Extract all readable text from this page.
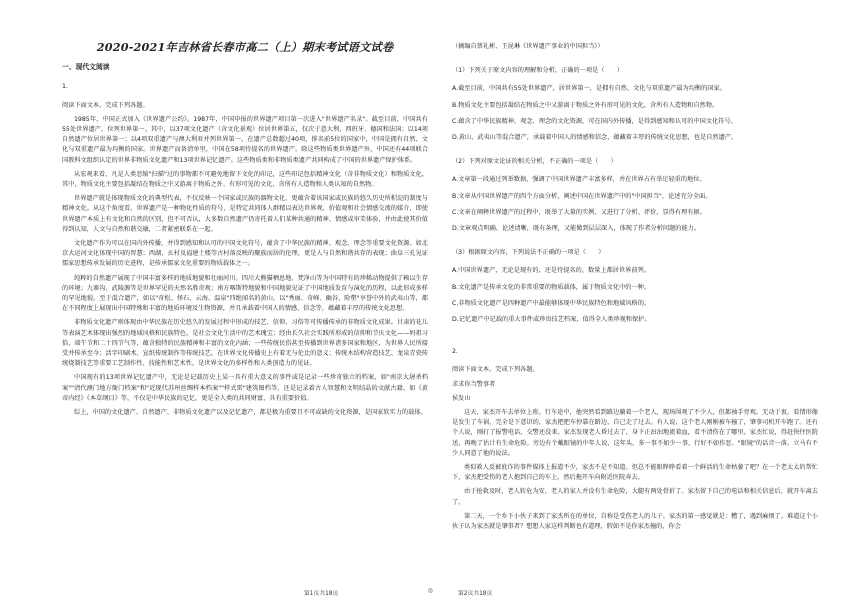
2020-2021年吉林省长春市高二（上）期末考试语文试卷
一、现代文阅读
1.
阅读下面文本，完成下列各题。
1985年，中国正式加入《世界遗产公约》。1987年，中国申报的世界遗产项目第一次进入"世界遗产名录"。截至目前，中国共有55处世界遗产，位列世界第一。其中，以37项文化遗产（含文化景观）位居世界第五，仅次于意大利、西班牙、德国和法国；以14项自然遗产位居世界第一；以4项双重遗产与澳大利亚并列世界第一。在遗产总数超过40项，排名前5位的国家中，中国是拥有自然、文化与双重遗产最为均衡的国家。世界遗产而备清单里，中国在58项待提名的世界遗产。除这些物质类世界遗产外，中国还有44项联合国教科文组织认定的世界非物质文化遗产和13项世界记忆遗产。这些物质类和非物质类遗产共同构成了中国的世界遗产保护体系。
从宏观来看，凡是人类恶缩"扫描"过的事物都不可避免地留下文化的印记，这些印记包括精神文化（含非物质文化）和物质文化。其中，物质文化主要包括凝结在物质之中又游离于物质之外、有形可见的文化，含所有人造物和人类认知的自然物。
世界遗产就是体现物质文化的典型代表，不仅反映一个国家或民族的器物文化，更蕴含着该国家或民族的悠久历史所积淀的制度与精神文化。从这个角度看，世界遗产是一种物化性质的符号，是特定共同体人群精以表达世界观、价值观和社会情感交流的媒介，即使世界遗产本质上有文化和自然的区别，但不可否认，大多数自然遗产仍寄托着人们某种共通的精神、情感或审美体验，并由此使其价值得到认知，人文与自然和谐交融，二者紧密联系在一起。
文化遗产作为可以在国内外传播，并得到感知和认可的中国文化符号，蕴含了中华民族的精神、观念、理念等重要文化资源。如北京大运河文化体现中国的智慧；西湖、玄村及福建土楼等古村落反映的聚族而居的伦理，更是人与自然和谐共存的表现；曲阜三孔见证儒家思想传承发展的历史进程，是传承儒家文化重要的物质载体之一。
纯粹的自然遗产展现了中国丰富多样的地质地貌和壮丽河川。四川大熊猫栖息地、梵净山等为中国特有的珍稀动物提供了赖以生存的环境；九寨沟、武陵源等是世界罕见的天然名胜奇观；南方喀斯特地貌和中国地貌见证了中国地质发育与演化的历程，以此形成多样的罕见地貌。至于混合遗产，如以"奇松、怪石、云海、温泉"四绝闻名的黄山，以"秀丽、奇峰、幽谷、险壑"享誉中外的武夷山等，都在不同程度上展现出中国特殊和丰富的地质环境及生物资源，并且承载着中国人的情感、信念等，蕴藏着丰厚的传统文化思想。
非物质文化遗产则体现由中华民族在历史悠久的发展过程中形成的技艺、信仰、习俗等可传播传承的非物质文化成果。甘肃的花儿等表演艺术体现出强烈的地域风格和民族特色，是社会文化生活中的艺术瑰宝；经由长久社会实践所形成的信仰和节庆文化——妈祖习俗、端午节和二十四节气等，蕴含独特的民族精神和丰富的文化内涵；一些传统民俗甚至传播到世界诸多国家和地区，为世界人民所接受并传承至今；活字印刷术、宣纸传统制作等传统技艺，在世界文化传播史上有着无与伦比的意义；传统木结构营造技艺、龙泉青瓷传统烧制技艺等重要工艺制作性、技能性和艺术性，是世界文化的多样性和人类创造力的见证。
中国现有的13项世界记忆遗产中，无论是记载历史上某一具有重大意义的事件或是记录一些珍奇独立的档案，如"南京大屠杀档案""清代澳门地方衙门档案"和"近现代苏州丝绸样本档案""样式雷"建筑图档等，还是记录着古人智慧和文明结晶的文献古籍，如《黄帝内经》《本草纲目》等，不仅是中华民族的记忆，更是全人类的共同财富，具有重要价值。
综上，中国的文化遗产、自然遗产、非物质文化遗产以及记忆遗产，都是极为重要且不可或缺的文化资源，是国家软实力的载体。
（摘编自蔡礼彬、王昆琳《世界遗产事业的中国担当》）
（1）下列关于原文内容的理解和分析，正确的一项是（　　）
A.截至目前，中国共有55处世界遗产，居世界第一，是拥有自然、文化与双重遗产最为均衡的国家。
B.物质文化主要包括凝结在物质之中又游离于物质之外有形可见的文化，含所有人造物和自然物。
C.蕴含了中华民族精神、观念、理念的文化资源，可在国内外传播，是得到感知和认可的中国文化符号。
D.黄山、武夷山等混合遗产，承载着中国人的情感和信念，蕴藏着丰厚的传统文化思想，也是自然遗产。
（2）下列对原文论证的相关分析，不正确的一项是（　　）
A.文章第一段通过列举数据，强调了中国世界遗产丰富多样，并在世界占有举足轻重的地位。
B.文章从中国世界遗产的四个方面分析，阐述中国在世界遗产中的"中国担当"，论述充分全面。
C.文章在阐释世界遗产的过程中，既举了大量的实例，又进行了分析、评价，显得有理有据。
D.文章观点明确，论述清晰，既有条理，又能做到层层深入，体现了作者分析问题的能力。
（3）根据原文内容，下列说法不正确的一项是（　　）
A.中国世界遗产，无论是现有的，还是待提名的，数量上都居世界前列。
B.文化遗产是传承文化的非常重要的物质载体，属于物质文化中的一种。
C.非物质文化遗产是四种遗产中最能够体现中华民族特色和地域风格的。
D.记忆遗产中记载的重大事件或珍贵技艺档案，值得全人类珍视和保护。
2.
阅读下面文本，完成下列各题。
求求你当警事者
侯发山
这天，家杰开车去单位上班。行车途中，他突然看到路边躺着一个老人，现场围观了不少人，但都袖手旁观。无动于衷，看情形像是发生了车祸，完全是下意识的，家杰把把车停靠在路边，自己走了过去。有人说，这个老人刚刚被车撞了，肇事司机开车跑了。还有个人说，刚打了报警电话，交警还没来。家杰发现老人昏过去了，身下正汩汩地流着血，看不清伤在了哪里。家杰忙说，得赶快往医院送，再晚了估计有生命危险。旁边有个戴眼镜的中年人说，这年头，多一事不如少一事，行好不如作恶。"眼镜"的话音一落，立马有不少人同意了他的说法。
类似救人反被讹诈的事件媒体上报道不少，家杰不是不知道。但总不能眼睁睁看着一个鲜活的生命枯萎了吧？在一个老太太的帮忙下，家杰把受伤的老人抱到自己的车上，然后拖开车向附近医院奔去。
由于抢救及时，老人转危为安，老人的家人并没有生命危险，大腿有两处骨折了。家杰留下自己的电话和相关信息后，就开车离去了。
第二天，一个乡下小伙子来到了家杰所在的单位，自称是受伤老人的儿子。家杰的第一感觉就是：糟了，遇到麻烦了。难道这个小伙子认为家杰就是肇事者？想想人家这样判断也有道理，假如不是你家杰撞的，你会
第1页共18页	◎	第2页共18页
